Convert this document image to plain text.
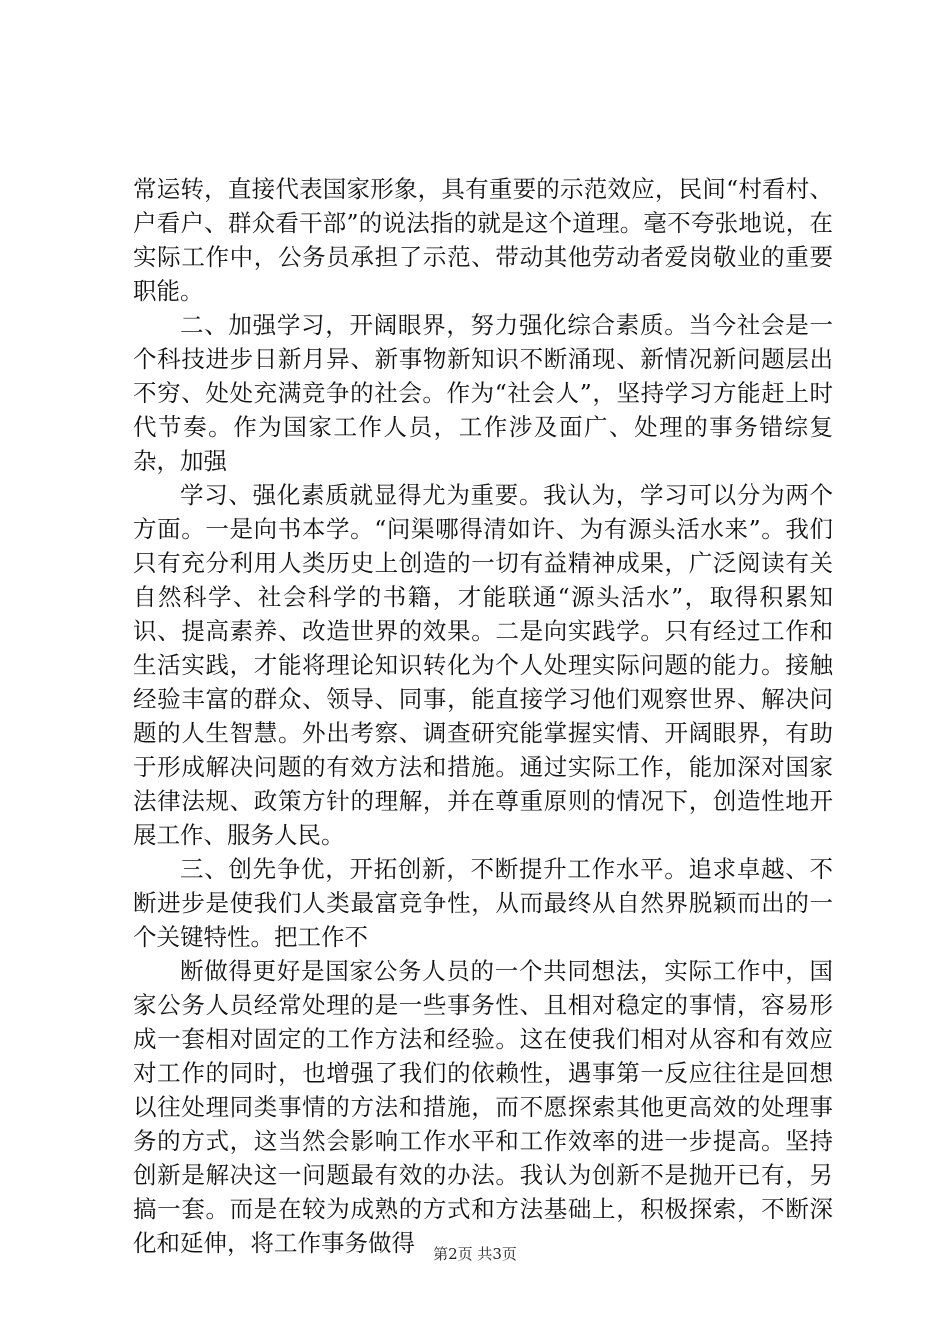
常运转，直接代表国家形象，具有重要的示范效应，民间“村看村、户看户、群众看干部”的说法指的就是这个道理。毫不夸张地说，在实际工作中，公务员承担了示范、带动其他劳动者爱岗敬业的重要职能。

二、加强学习，开阔眼界，努力强化综合素质。当今社会是一个科技进步日新月异、新事物新知识不断涌现、新情况新问题层出不穷、处处充满竞争的社会。作为“社会人”，坚持学习方能赶上时代节奏。作为国家工作人员，工作涉及面广、处理的事务错综复杂，加强

学习、强化素质就显得尤为重要。我认为，学习可以分为两个方面。一是向书本学。“问渠哪得清如许、为有源头活水来”。我们只有充分利用人类历史上创造的一切有益精神成果，广泛阅读有关自然科学、社会科学的书籍，才能联通“源头活水”，取得积累知识、提高素养、改造世界的效果。二是向实践学。只有经过工作和生活实践，才能将理论知识转化为个人处理实际问题的能力。接触经验丰富的群众、领导、同事，能直接学习他们观察世界、解决问题的人生智慧。外出考察、调查研究能掌握实情、开阔眼界，有助于形成解决问题的有效方法和措施。通过实际工作，能加深对国家法律法规、政策方针的理解，并在尊重原则的情况下，创造性地开展工作、服务人民。

三、创先争优，开拓创新，不断提升工作水平。追求卓越、不断进步是使我们人类最富竞争性，从而最终从自然界脱颖而出的一个关键特性。把工作不

断做得更好是国家公务人员的一个共同想法，实际工作中，国家公务人员经常处理的是一些事务性、且相对稳定的事情，容易形成一套相对固定的工作方法和经验。这在使我们相对从容和有效应对工作的同时，也增强了我们的依赖性，遇事第一反应往往是回想以往处理同类事情的方法和措施，而不愿探索其他更高效的处理事务的方式，这当然会影响工作水平和工作效率的进一步提高。坚持创新是解决这一问题最有效的办法。我认为创新不是抛开已有，另搞一套。而是在较为成熟的方式和方法基础上，积极探索，不断深化和延伸，将工作事务做得	第2页 共3页
